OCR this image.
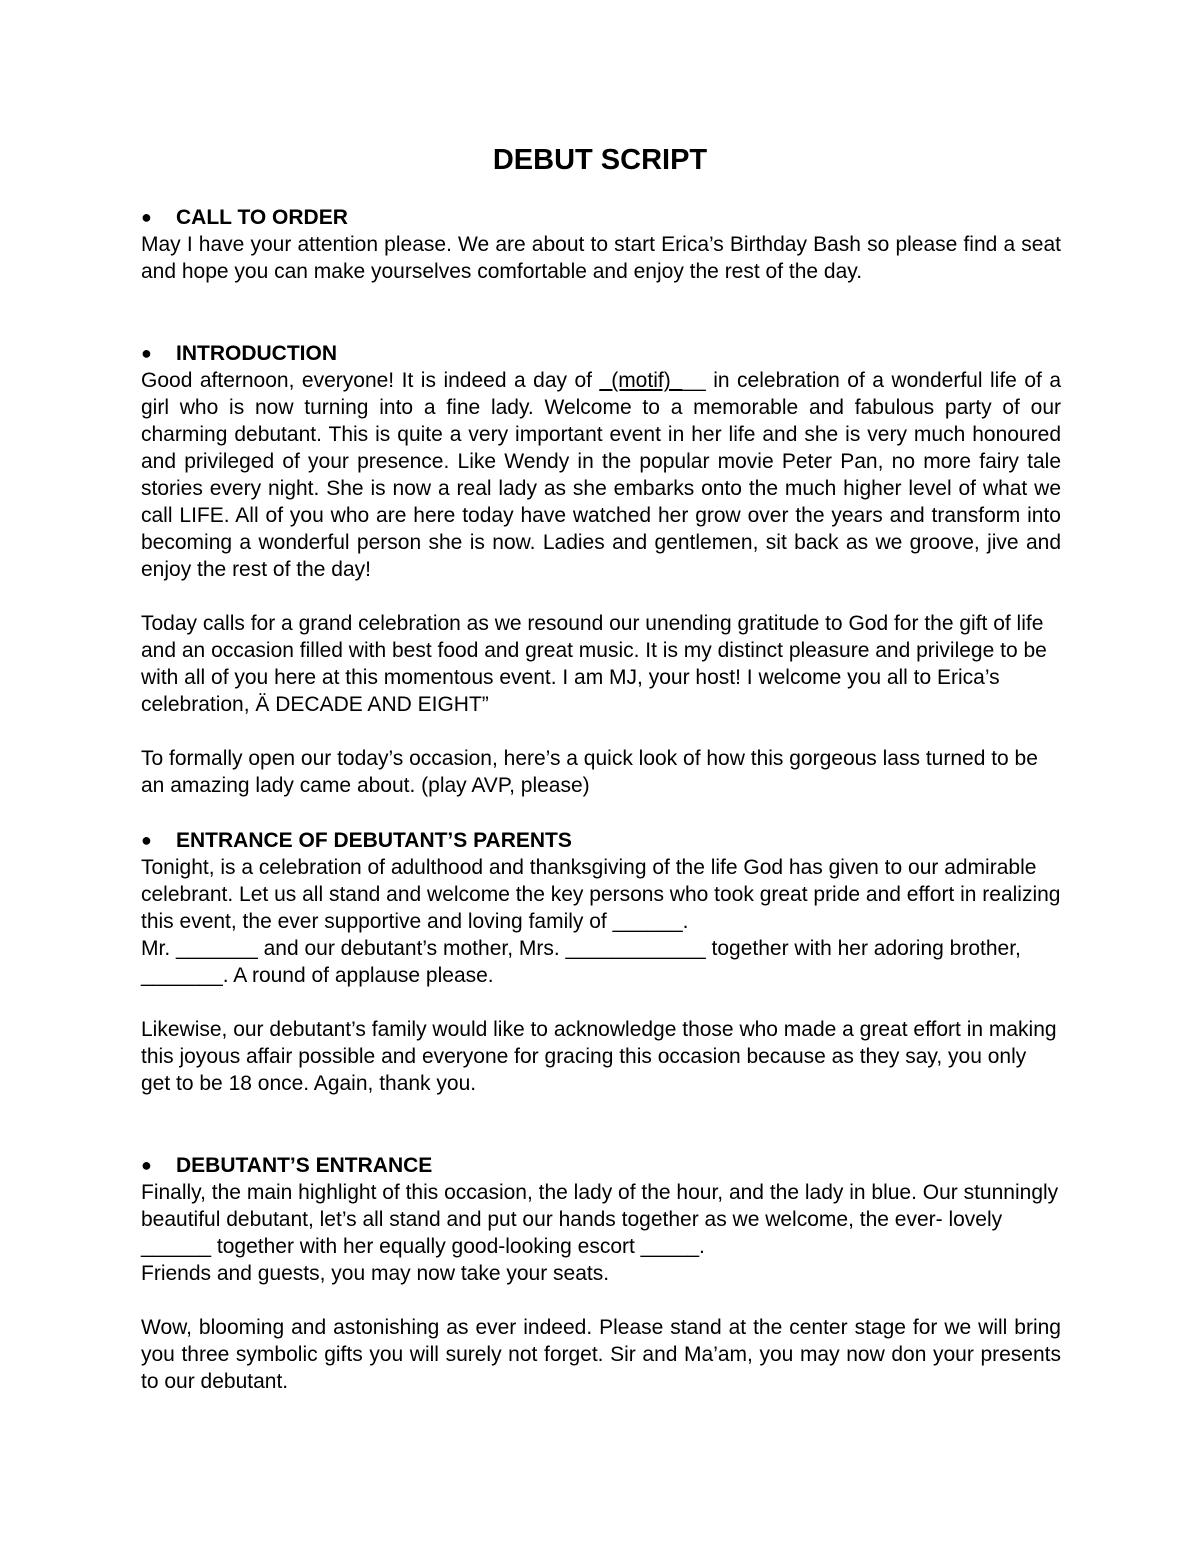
DEBUT SCRIPT
● CALL TO ORDER

May I have your attention please. We are about to start Erica’s Birthday Bash so please find a seat and hope you can make yourselves comfortable and enjoy the rest of the day.

● INTRODUCTION

Good afternoon, everyone! It is indeed a day of _(motif)___ in celebration of a wonderful life of a girl who is now turning into a fine lady. Welcome to a memorable and fabulous party of our charming debutant. This is quite a very important event in her life and she is very much honoured and privileged of your presence. Like Wendy in the popular movie Peter Pan, no more fairy tale stories every night. She is now a real lady as she embarks onto the much higher level of what we call LIFE. All of you who are here today have watched her grow over the years and transform into becoming a wonderful person she is now. Ladies and gentlemen, sit back as we groove, jive and enjoy the rest of the day!

Today calls for a grand celebration as we resound our unending gratitude to God for the gift of life and an occasion filled with best food and great music. It is my distinct pleasure and privilege to be with all of you here at this momentous event. I am MJ, your host! I welcome you all to Erica’s celebration, Ä DECADE AND EIGHT”

To formally open our today’s occasion, here’s a quick look of how this gorgeous lass turned to be an amazing lady came about. (play AVP, please)

● ENTRANCE OF DEBUTANT’S PARENTS

Tonight, is a celebration of adulthood and thanksgiving of the life God has given to our admirable celebrant. Let us all stand and welcome the key persons who took great pride and effort in realizing this event, the ever supportive and loving family of ______.

Mr. _______ and our debutant’s mother, Mrs. ____________ together with her adoring brother, _______. A round of applause please.

Likewise, our debutant’s family would like to acknowledge those who made a great effort in making this joyous affair possible and everyone for gracing this occasion because as they say, you only get to be 18 once. Again, thank you.

● DEBUTANT’S ENTRANCE

Finally, the main highlight of this occasion, the lady of the hour, and the lady in blue. Our stunningly beautiful debutant, let’s all stand and put our hands together as we welcome, the ever- lovely ______ together with her equally good-looking escort _____.

Friends and guests, you may now take your seats.

Wow, blooming and astonishing as ever indeed. Please stand at the center stage for we will bring you three symbolic gifts you will surely not forget. Sir and Ma’am, you may now don your presents to our debutant.
